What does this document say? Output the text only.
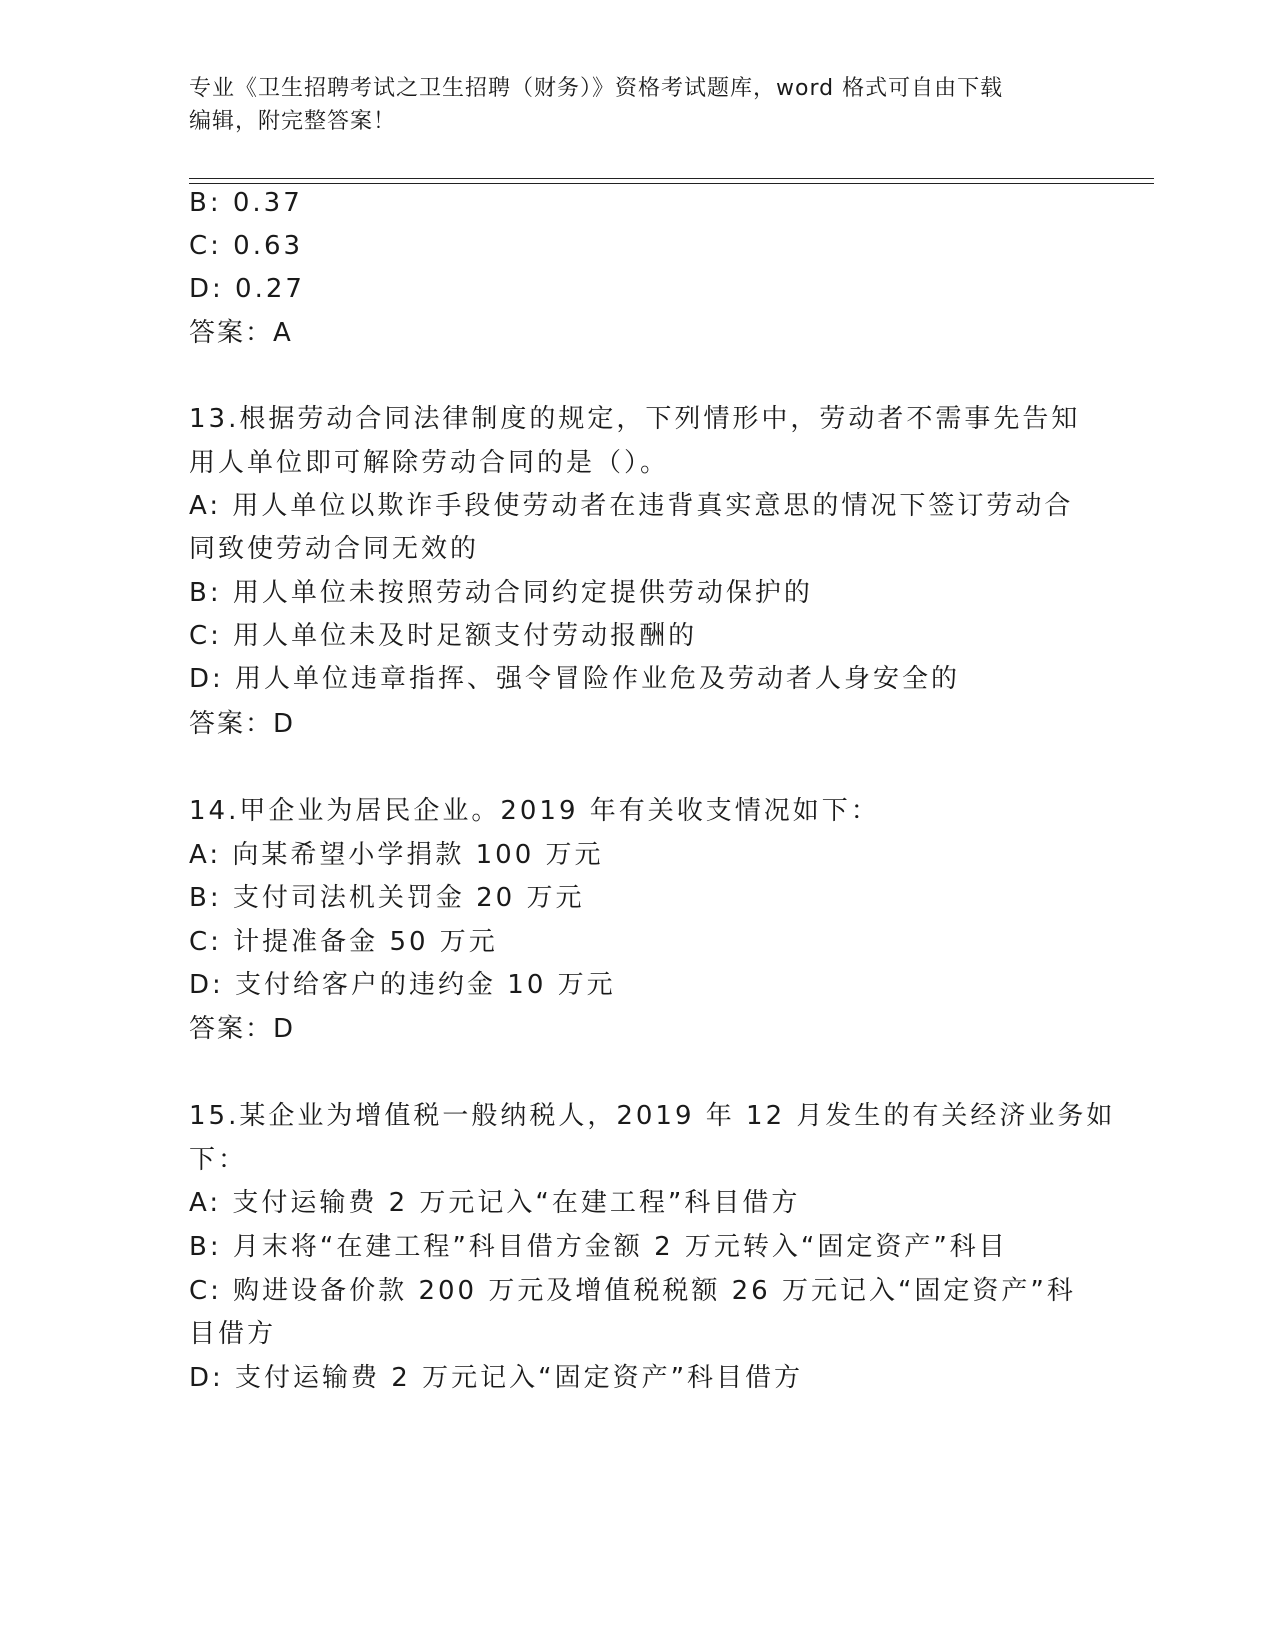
专业《卫生招聘考试之卫生招聘（财务）》资格考试题库，word 格式可自由下载
编辑，附完整答案！
B: 0.37
C: 0.63
D: 0.27
答案：A
13.根据劳动合同法律制度的规定，下列情形中，劳动者不需事先告知
用人单位即可解除劳动合同的是（）。
A: 用人单位以欺诈手段使劳动者在违背真实意思的情况下签订劳动合
同致使劳动合同无效的
B: 用人单位未按照劳动合同约定提供劳动保护的
C: 用人单位未及时足额支付劳动报酬的
D: 用人单位违章指挥、强令冒险作业危及劳动者人身安全的
答案：D
14.甲企业为居民企业。2019 年有关收支情况如下：
A: 向某希望小学捐款 100 万元
B: 支付司法机关罚金 20 万元
C: 计提准备金 50 万元
D: 支付给客户的违约金 10 万元
答案：D
15.某企业为增值税一般纳税人，2019 年 12 月发生的有关经济业务如
下：
A: 支付运输费 2 万元记入“在建工程”科目借方
B: 月末将“在建工程”科目借方金额 2 万元转入“固定资产”科目
C: 购进设备价款 200 万元及增值税税额 26 万元记入“固定资产”科
目借方
D: 支付运输费 2 万元记入“固定资产”科目借方
